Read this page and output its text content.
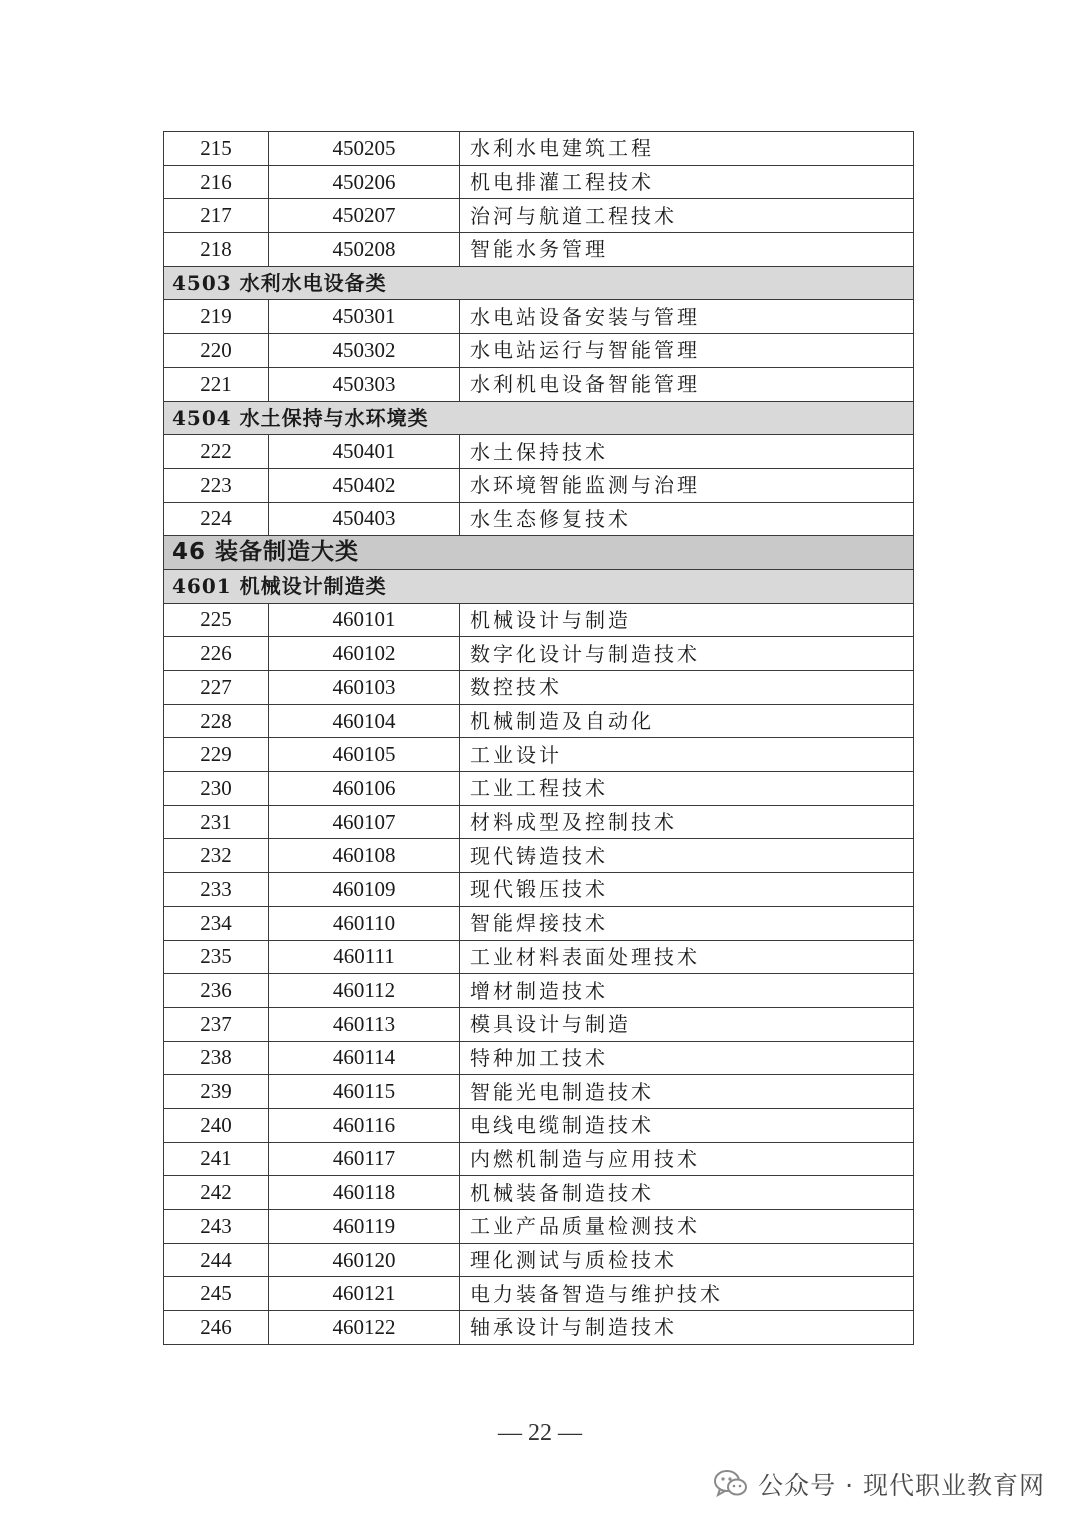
215	450205	水利水电建筑工程
216	450206	机电排灌工程技术
217	450207	治河与航道工程技术
218	450208	智能水务管理
4503 水利水电设备类		
219	450301	水电站设备安装与管理
220	450302	水电站运行与智能管理
221	450303	水利机电设备智能管理
4504 水土保持与水环境类		
222	450401	水土保持技术
223	450402	水环境智能监测与治理
224	450403	水生态修复技术
46 装备制造大类		
4601 机械设计制造类		
225	460101	机械设计与制造
226	460102	数字化设计与制造技术
227	460103	数控技术
228	460104	机械制造及自动化
229	460105	工业设计
230	460106	工业工程技术
231	460107	材料成型及控制技术
232	460108	现代铸造技术
233	460109	现代锻压技术
234	460110	智能焊接技术
235	460111	工业材料表面处理技术
236	460112	增材制造技术
237	460113	模具设计与制造
238	460114	特种加工技术
239	460115	智能光电制造技术
240	460116	电线电缆制造技术
241	460117	内燃机制造与应用技术
242	460118	机械装备制造技术
243	460119	工业产品质量检测技术
244	460120	理化测试与质检技术
245	460121	电力装备智造与维护技术
246	460122	轴承设计与制造技术
— 22 —
公众号 · 现代职业教育网
